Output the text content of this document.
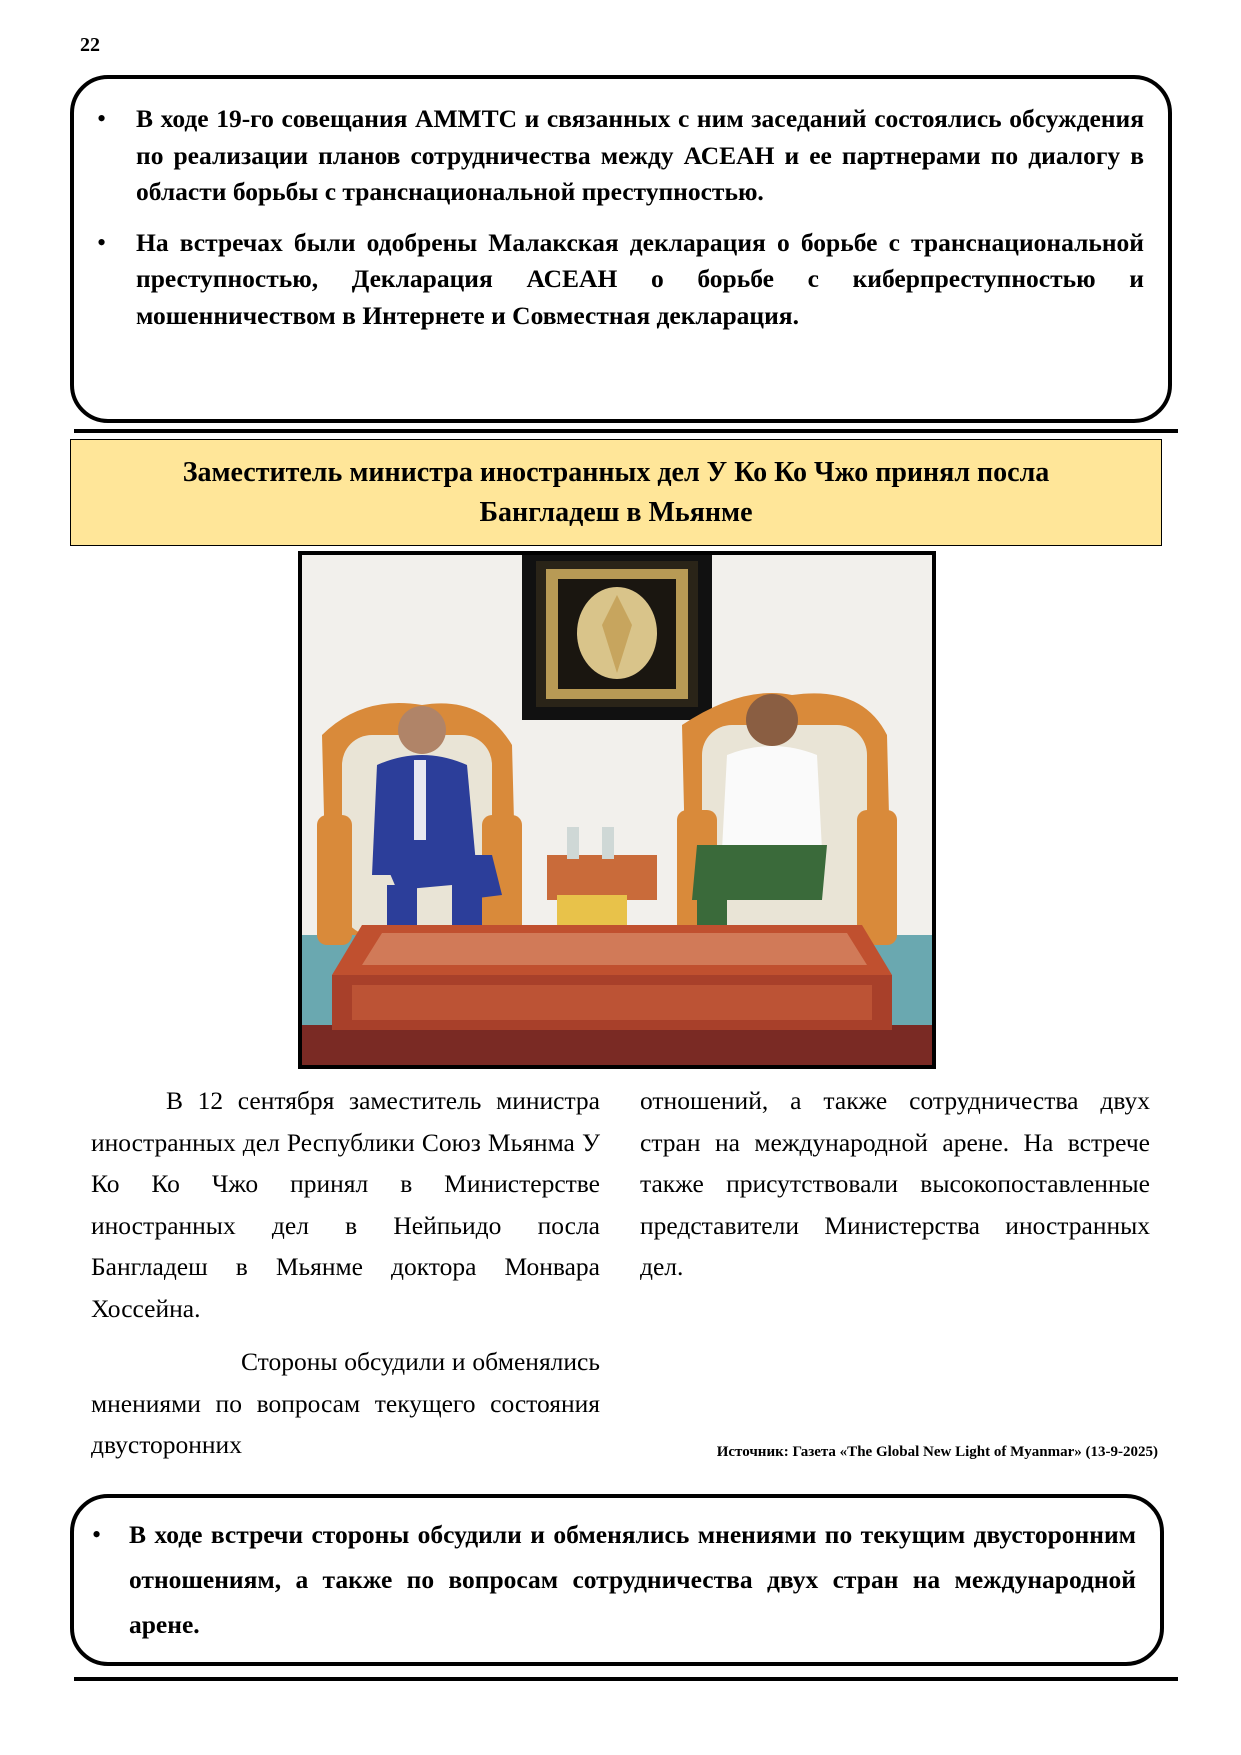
22
• В ходе 19-го совещания АММТС и связанных с ним заседаний состоялись обсуждения по реализации планов сотрудничества между АСЕАН и ее партнерами по диалогу в области борьбы с транснациональной преступностью.
• На встречах были одобрены Малакская декларация о борьбе с транснациональной преступностью, Декларация АСЕАН о борьбе с киберпреступностью и мошенничеством в Интернете и Совместная декларация.
Заместитель министра иностранных дел У Ко Ко Чжо принял посла Бангладеш в Мьянме

В 12 сентября заместитель министра иностранных дел Республики Союз Мьянма У Ко Ко Чжо принял в Министерстве иностранных дел в Нейпьидо посла Бангладеш в Мьянме доктора Монвара Хоссейна.

Стороны обсудили и обменялись мнениями по вопросам текущего состояния двусторонних

отношений, а также сотрудничества двух стран на международной арене. На встрече также присутствовали высокопоставленные представители Министерства иностранных дел.

Источник: Газета «The Global New Light of Myanmar» (13-9-2025)
• В ходе встречи стороны обсудили и обменялись мнениями по текущим двусторонним отношениям, а также по вопросам сотрудничества двух стран на международной арене.
